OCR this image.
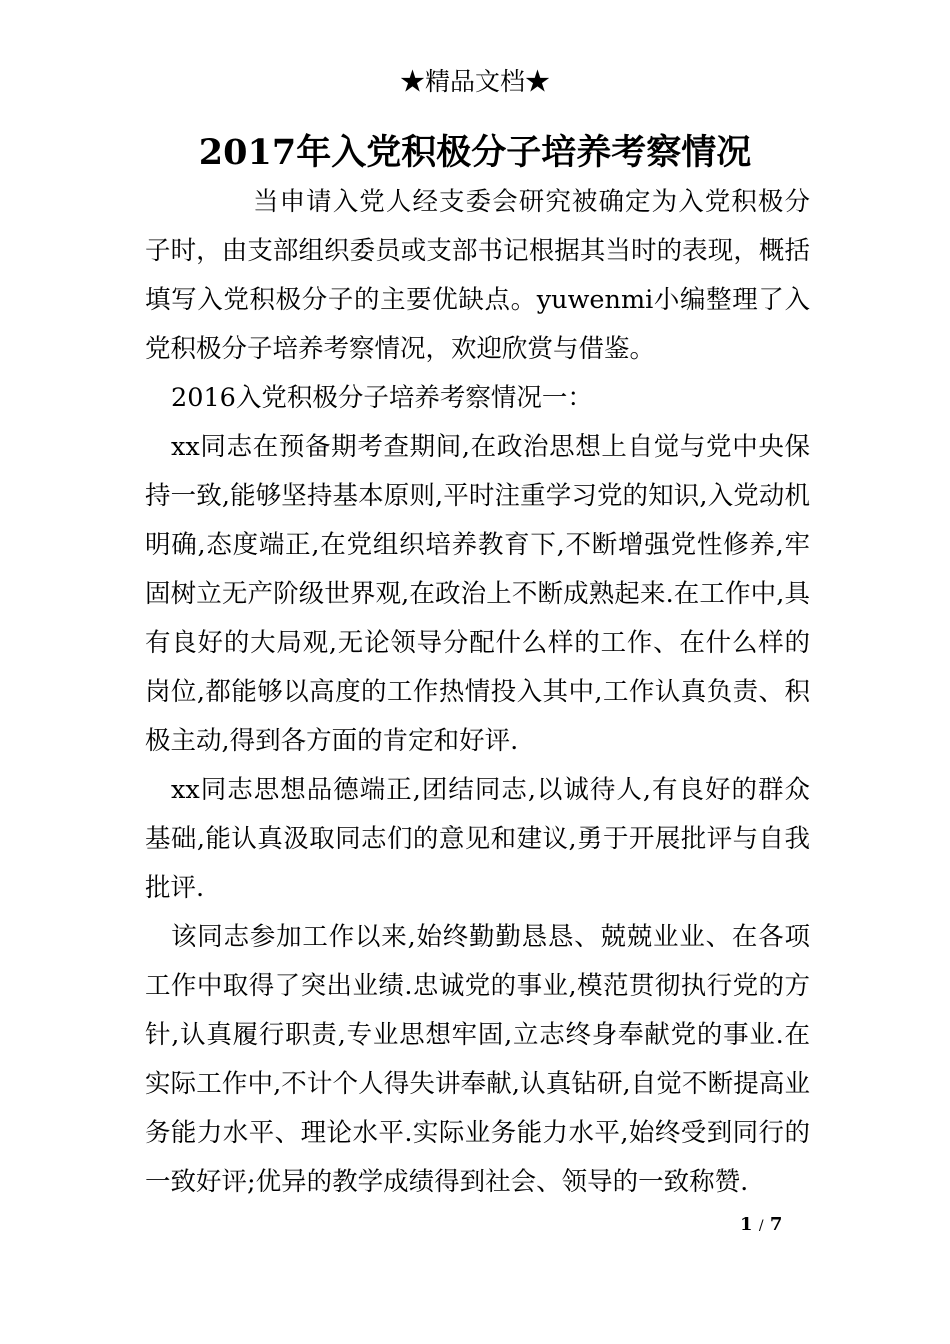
★精品文档★
2017年入党积极分子培养考察情况

当申请入党人经支委会研究被确定为入党积极分子时，由支部组织委员或支部书记根据其当时的表现，概括填写入党积极分子的主要优缺点。yuwenmi小编整理了入党积极分子培养考察情况，欢迎欣赏与借鉴。

2016入党积极分子培养考察情况一：

xx同志在预备期考查期间,在政治思想上自觉与党中央保持一致,能够坚持基本原则,平时注重学习党的知识,入党动机明确,态度端正,在党组织培养教育下,不断增强党性修养,牢固树立无产阶级世界观,在政治上不断成熟起来.在工作中,具有良好的大局观,无论领导分配什么样的工作、在什么样的岗位,都能够以高度的工作热情投入其中,工作认真负责、积极主动,得到各方面的肯定和好评.

xx同志思想品德端正,团结同志,以诚待人,有良好的群众基础,能认真汲取同志们的意见和建议,勇于开展批评与自我批评.

该同志参加工作以来,始终勤勤恳恳、兢兢业业、在各项工作中取得了突出业绩.忠诚党的事业,模范贯彻执行党的方针,认真履行职责,专业思想牢固,立志终身奉献党的事业.在实际工作中,不计个人得失讲奉献,认真钻研,自觉不断提高业务能力水平、理论水平.实际业务能力水平,始终受到同行的一致好评;优异的教学成绩得到社会、领导的一致称赞.

1 / 7
